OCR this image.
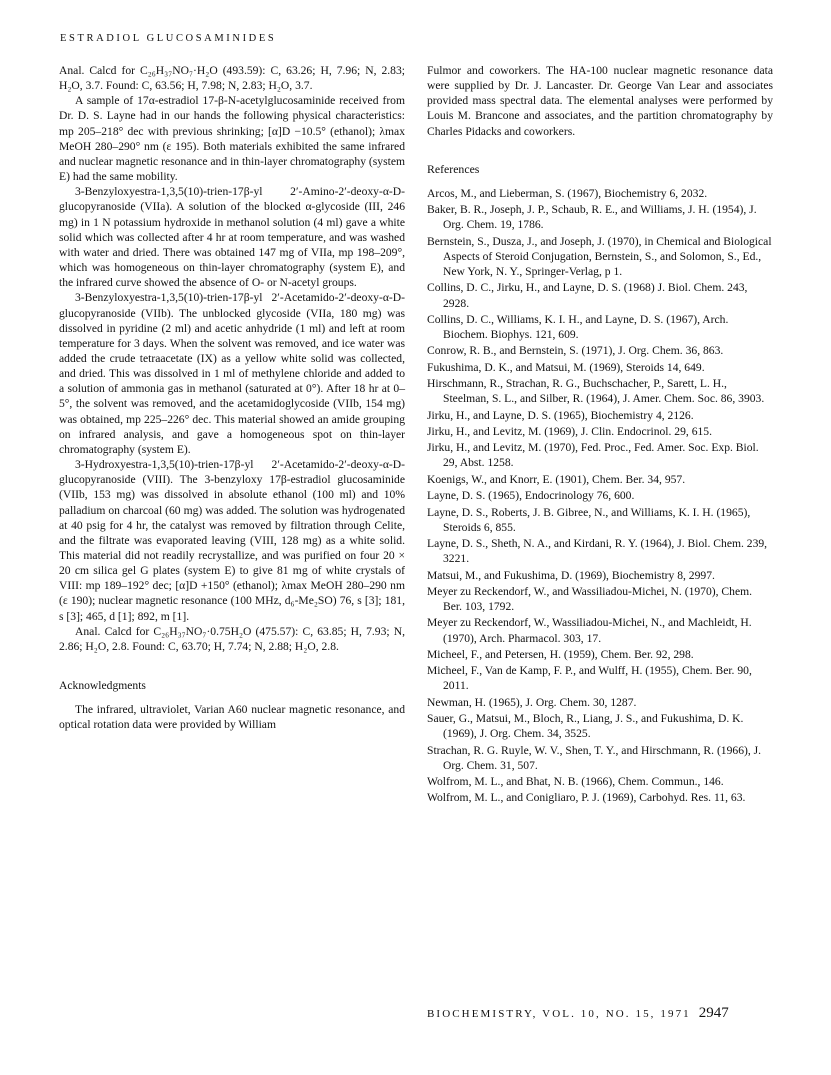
ESTRADIOL GLUCOSAMINIDES

Anal. Calcd for C₂₆H₃₇NO₇·H₂O (493.59): C, 63.26; H, 7.96; N, 2.83; H₂O, 3.7. Found: C, 63.56; H, 7.98; N, 2.83; H₂O, 3.7.

A sample of 17α-estradiol 17-β-N-acetylglucosaminide received from Dr. D. S. Layne had in our hands the following physical characteristics: mp 205–218° dec with previous shrinking; [α]D −10.5° (ethanol); λmax MeOH 280–290° nm (ε 195). Both materials exhibited the same infrared and nuclear magnetic resonance and in thin-layer chromatography (system E) had the same mobility.

3-Benzyloxyestra-1,3,5(10)-trien-17β-yl 2′-Amino-2′-deoxy-α-D-glucopyranoside (VIIa). A solution of the blocked α-glycoside (III, 246 mg) in 1 N potassium hydroxide in methanol solution (4 ml) gave a white solid which was collected after 4 hr at room temperature, and was washed with water and dried. There was obtained 147 mg of VIIa, mp 198–209°, which was homogeneous on thin-layer chromatography (system E), and the infrared curve showed the absence of O- or N-acetyl groups.

3-Benzyloxyestra-1,3,5(10)-trien-17β-yl 2′-Acetamido-2′-deoxy-α-D-glucopyranoside (VIIb). The unblocked glycoside (VIIa, 180 mg) was dissolved in pyridine (2 ml) and acetic anhydride (1 ml) and left at room temperature for 3 days. When the solvent was removed, and ice water was added the crude tetraacetate (IX) as a yellow white solid was collected, and dried. This was dissolved in 1 ml of methylene chloride and added to a solution of ammonia gas in methanol (saturated at 0°). After 18 hr at 0–5°, the solvent was removed, and the acetamidoglycoside (VIIb, 154 mg) was obtained, mp 225–226° dec. This material showed an amide grouping on infrared analysis, and gave a homogeneous spot on thin-layer chromatography (system E).

3-Hydroxyestra-1,3,5(10)-trien-17β-yl 2′-Acetamido-2′-deoxy-α-D-glucopyranoside (VIII). The 3-benzyloxy 17β-estradiol glucosaminide (VIIb, 153 mg) was dissolved in absolute ethanol (100 ml) and 10% palladium on charcoal (60 mg) was added. The solution was hydrogenated at 40 psig for 4 hr, the catalyst was removed by filtration through Celite, and the filtrate was evaporated leaving (VIII, 128 mg) as a white solid. This material did not readily recrystallize, and was purified on four 20 × 20 cm silica gel G plates (system E) to give 81 mg of white crystals of VIII: mp 189–192° dec; [α]D +150° (ethanol); λmax MeOH 280–290 nm (ε 190); nuclear magnetic resonance (100 MHz, d₆-Me₂SO) 76, s [3]; 181, s [3]; 465, d [1]; 892, m [1].

Anal. Calcd for C₂₆H₃₇NO₇·0.75H₂O (475.57): C, 63.85; H, 7.93; N, 2.86; H₂O, 2.8. Found: C, 63.70; H, 7.74; N, 2.88; H₂O, 2.8.

Acknowledgments

The infrared, ultraviolet, Varian A60 nuclear magnetic resonance, and optical rotation data were provided by William

Fulmor and coworkers. The HA-100 nuclear magnetic resonance data were supplied by Dr. J. Lancaster. Dr. George Van Lear and associates provided mass spectral data. The elemental analyses were performed by Louis M. Brancone and associates, and the partition chromatography by Charles Pidacks and coworkers.

References

Arcos, M., and Lieberman, S. (1967), Biochemistry 6, 2032.

Baker, B. R., Joseph, J. P., Schaub, R. E., and Williams, J. H. (1954), J. Org. Chem. 19, 1786.

Bernstein, S., Dusza, J., and Joseph, J. (1970), in Chemical and Biological Aspects of Steroid Conjugation, Bernstein, S., and Solomon, S., Ed., New York, N. Y., Springer-Verlag, p 1.

Collins, D. C., Jirku, H., and Layne, D. S. (1968) J. Biol. Chem. 243, 2928.

Collins, D. C., Williams, K. I. H., and Layne, D. S. (1967), Arch. Biochem. Biophys. 121, 609.

Conrow, R. B., and Bernstein, S. (1971), J. Org. Chem. 36, 863.

Fukushima, D. K., and Matsui, M. (1969), Steroids 14, 649.

Hirschmann, R., Strachan, R. G., Buchschacher, P., Sarett, L. H., Steelman, S. L., and Silber, R. (1964), J. Amer. Chem. Soc. 86, 3903.

Jirku, H., and Layne, D. S. (1965), Biochemistry 4, 2126.

Jirku, H., and Levitz, M. (1969), J. Clin. Endocrinol. 29, 615.

Jirku, H., and Levitz, M. (1970), Fed. Proc., Fed. Amer. Soc. Exp. Biol. 29, Abst. 1258.

Koenigs, W., and Knorr, E. (1901), Chem. Ber. 34, 957.

Layne, D. S. (1965), Endocrinology 76, 600.

Layne, D. S., Roberts, J. B. Gibree, N., and Williams, K. I. H. (1965), Steroids 6, 855.

Layne, D. S., Sheth, N. A., and Kirdani, R. Y. (1964), J. Biol. Chem. 239, 3221.

Matsui, M., and Fukushima, D. (1969), Biochemistry 8, 2997.

Meyer zu Reckendorf, W., and Wassiliadou-Michei, N. (1970), Chem. Ber. 103, 1792.

Meyer zu Reckendorf, W., Wassiliadou-Michei, N., and Machleidt, H. (1970), Arch. Pharmacol. 303, 17.

Micheel, F., and Petersen, H. (1959), Chem. Ber. 92, 298.

Micheel, F., Van de Kamp, F. P., and Wulff, H. (1955), Chem. Ber. 90, 2011.

Newman, H. (1965), J. Org. Chem. 30, 1287.

Sauer, G., Matsui, M., Bloch, R., Liang, J. S., and Fukushima, D. K. (1969), J. Org. Chem. 34, 3525.

Strachan, R. G. Ruyle, W. V., Shen, T. Y., and Hirschmann, R. (1966), J. Org. Chem. 31, 507.

Wolfrom, M. L., and Bhat, N. B. (1966), Chem. Commun., 146.

Wolfrom, M. L., and Conigliaro, P. J. (1969), Carbohyd. Res. 11, 63.

BIOCHEMISTRY, VOL. 10, NO. 15, 1971 2947
